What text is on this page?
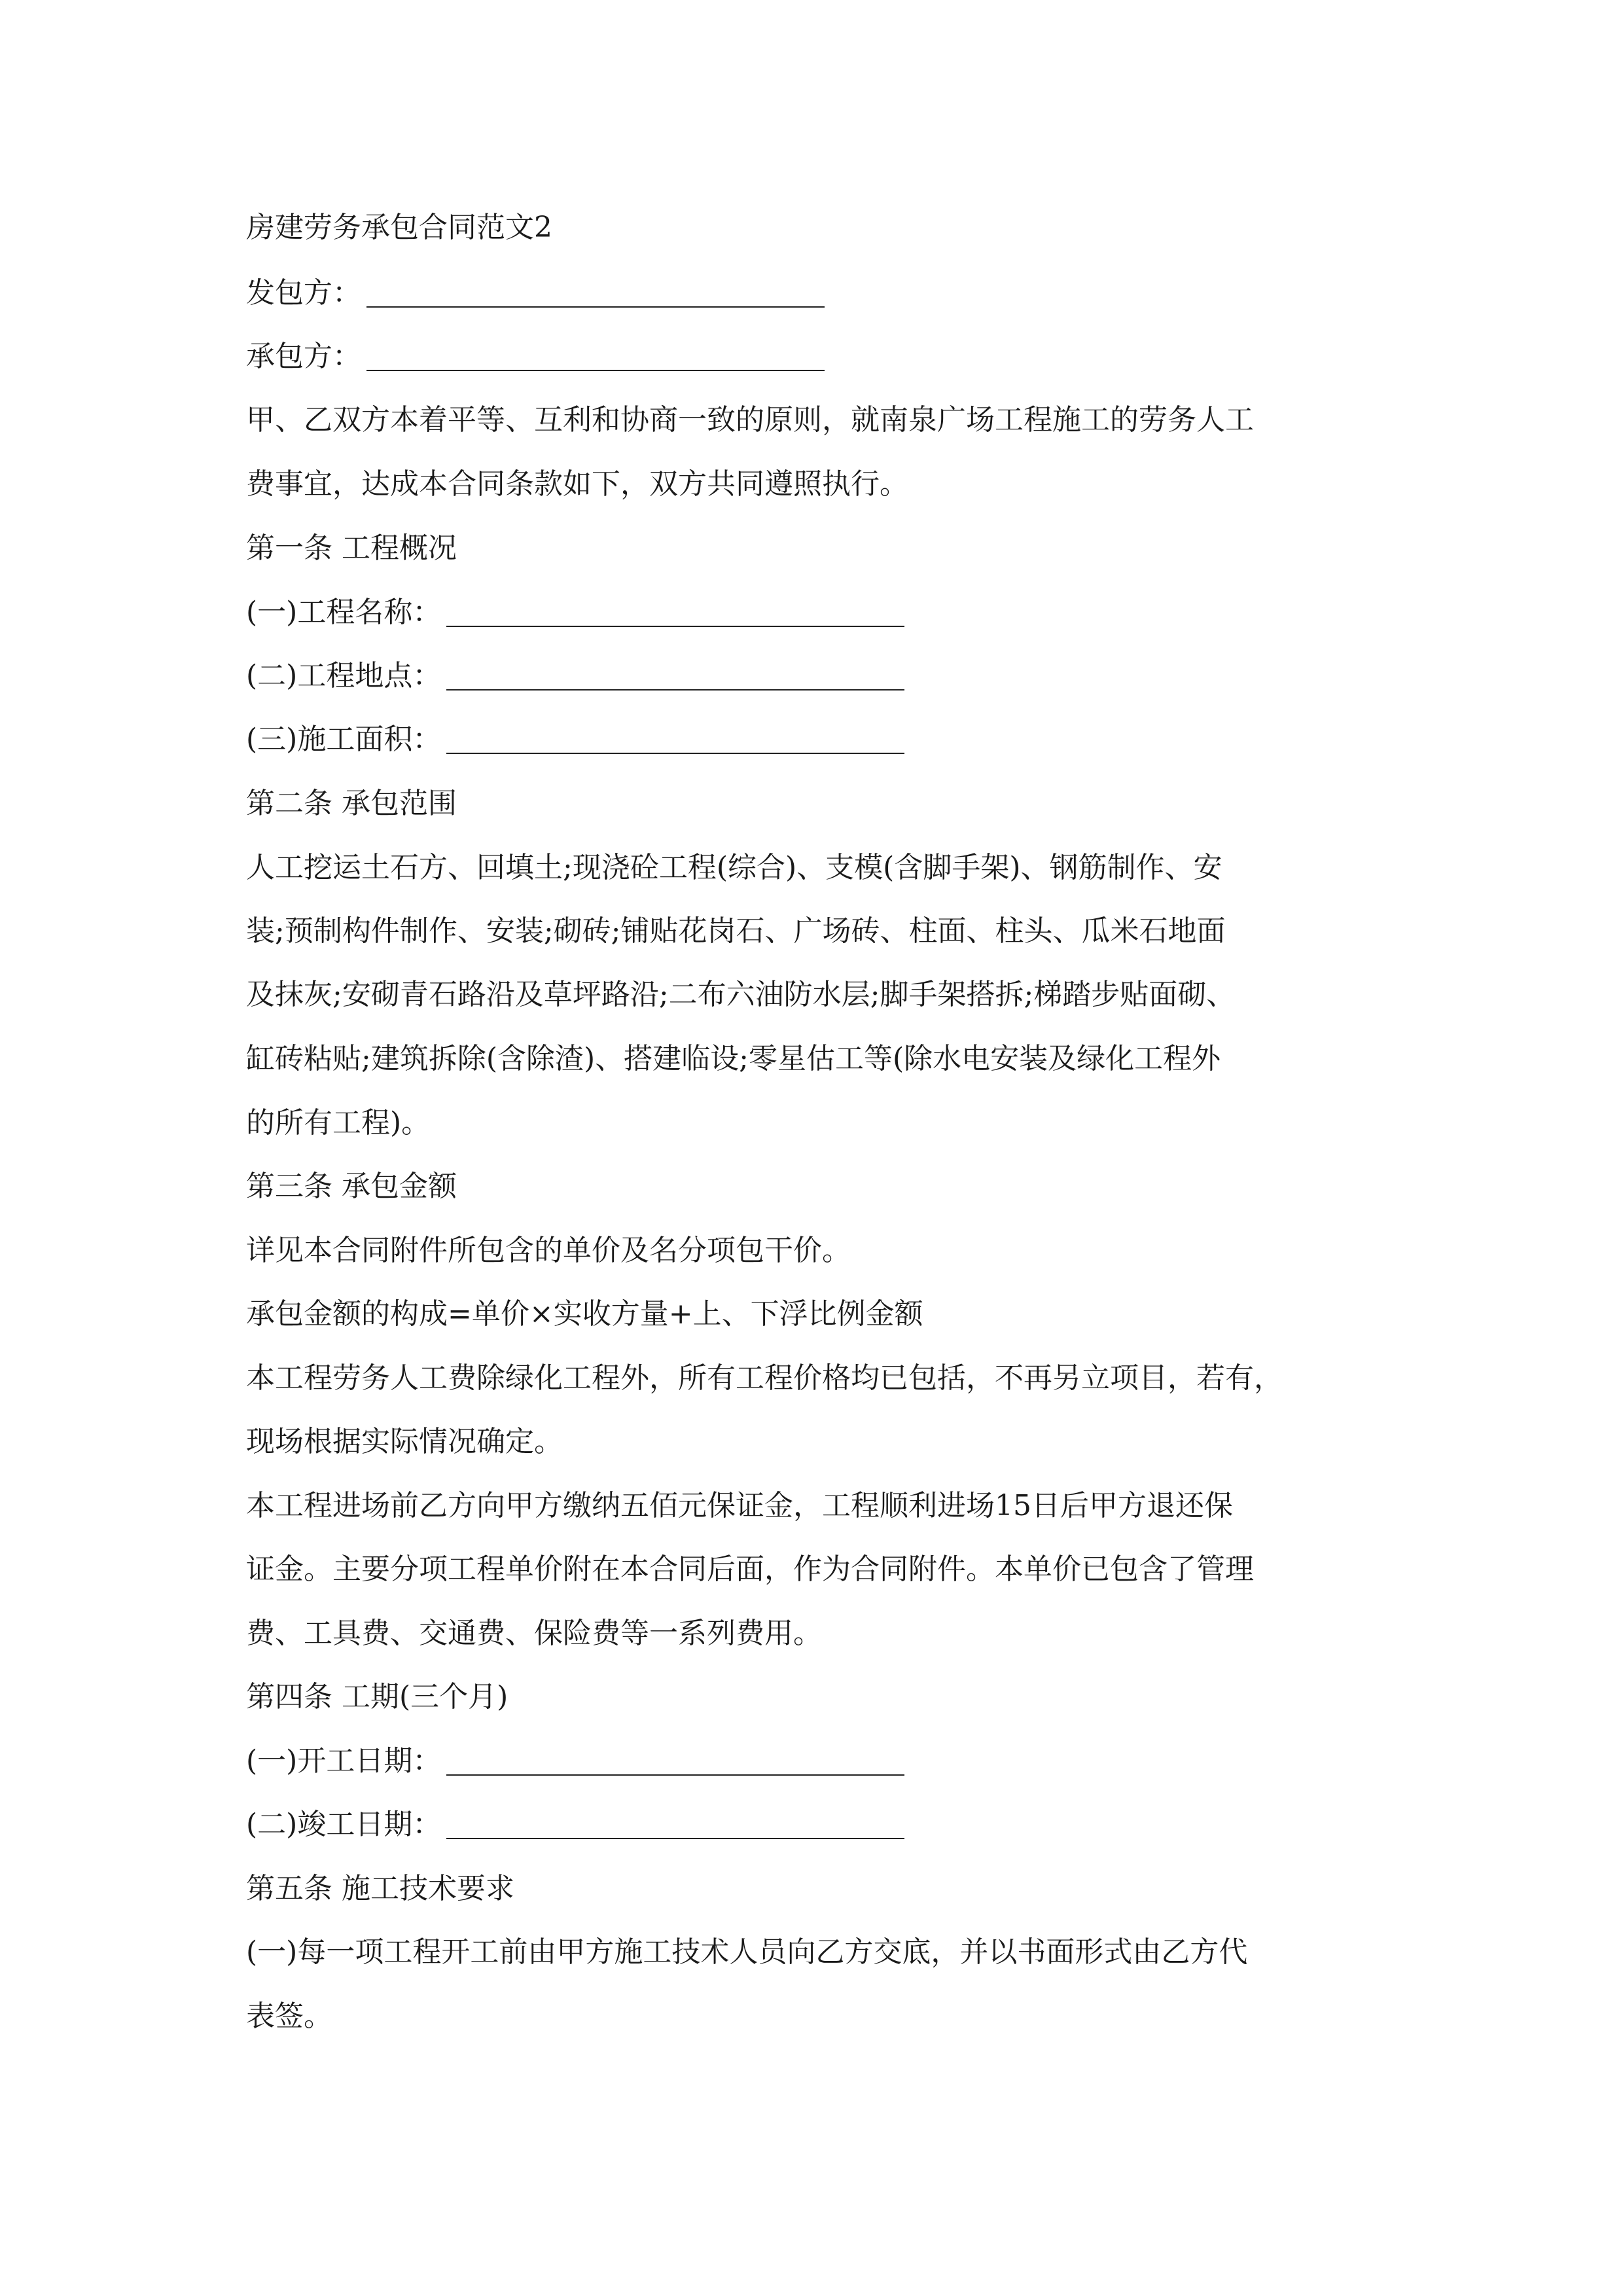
房建劳务承包合同范文2

发包方：

承包方：

甲、乙双方本着平等、互利和协商一致的原则，就南泉广场工程施工的劳务人工

费事宜，达成本合同条款如下，双方共同遵照执行。

第一条 工程概况

(一)工程名称：

(二)工程地点：

(三)施工面积：

第二条 承包范围

人工挖运土石方、回填土;现浇砼工程(综合)、支模(含脚手架)、钢筋制作、安

装;预制构件制作、安装;砌砖;铺贴花岗石、广场砖、柱面、柱头、瓜米石地面

及抹灰;安砌青石路沿及草坪路沿;二布六油防水层;脚手架搭拆;梯踏步贴面砌、

缸砖粘贴;建筑拆除(含除渣)、搭建临设;零星估工等(除水电安装及绿化工程外

的所有工程)。

第三条 承包金额

详见本合同附件所包含的单价及名分项包干价。

承包金额的构成=单价×实收方量+上、下浮比例金额

本工程劳务人工费除绿化工程外，所有工程价格均已包括，不再另立项目，若有，

现场根据实际情况确定。

本工程进场前乙方向甲方缴纳五佰元保证金，工程顺利进场15日后甲方退还保

证金。主要分项工程单价附在本合同后面，作为合同附件。本单价已包含了管理

费、工具费、交通费、保险费等一系列费用。

第四条 工期(三个月)

(一)开工日期：

(二)竣工日期：

第五条 施工技术要求

(一)每一项工程开工前由甲方施工技术人员向乙方交底，并以书面形式由乙方代

表签。
